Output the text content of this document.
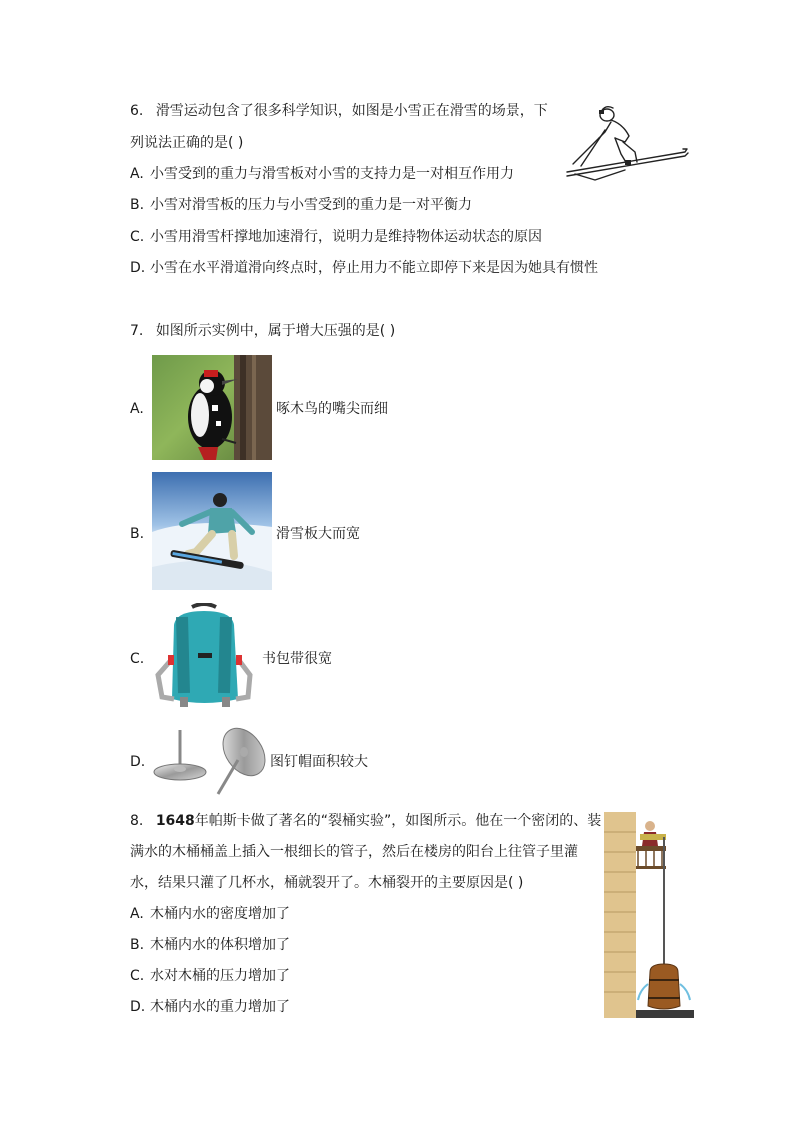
6. 滑雪运动包含了很多科学知识，如图是小雪正在滑雪的场景，下
列说法正确的是( )
A. 小雪受到的重力与滑雪板对小雪的支持力是一对相互作用力
B. 小雪对滑雪板的压力与小雪受到的重力是一对平衡力
C. 小雪用滑雪杆撑地加速滑行，说明力是维持物体运动状态的原因
D. 小雪在水平滑道滑向终点时，停止用力不能立即停下来是因为她具有惯性
7. 如图所示实例中，属于增大压强的是( )
A.	啄木鸟的嘴尖而细
B.	滑雪板大而宽
C.	书包带很宽
D.	图钉帽面积较大
8. 1648年帕斯卡做了著名的“裂桶实验”，如图所示。他在一个密闭的、装
满水的木桶桶盖上插入一根细长的管子，然后在楼房的阳台上往管子里灌
水，结果只灌了几杯水，桶就裂开了。木桶裂开的主要原因是( )
A. 木桶内水的密度增加了
B. 木桶内水的体积增加了
C. 水对木桶的压力增加了
D. 木桶内水的重力增加了
